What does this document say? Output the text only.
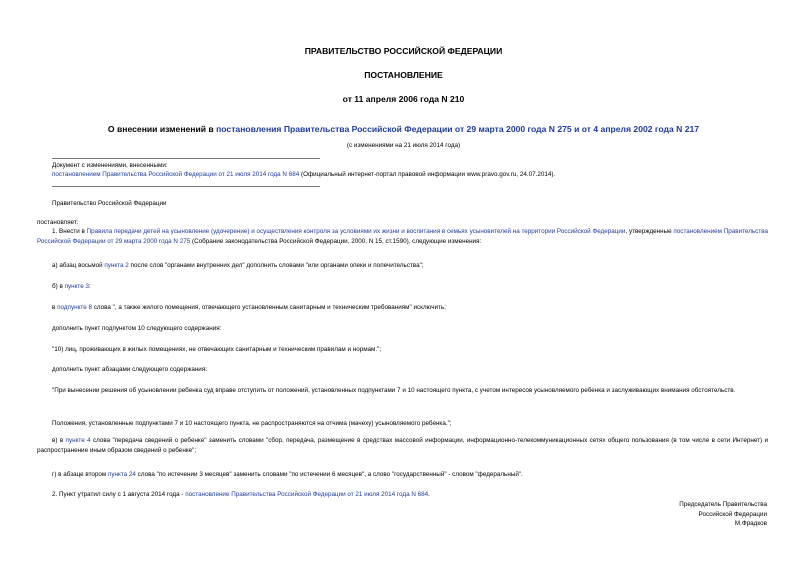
ПРАВИТЕЛЬСТВО РОССИЙСКОЙ ФЕДЕРАЦИИ
ПОСТАНОВЛЕНИЕ
от 11 апреля 2006 года N 210
О внесении изменений в постановления Правительства Российской Федерации от 29 марта 2000 года N 275 и от 4 апреля 2002 года N 217
(с изменениями на 21 июля 2014 года)
Документ с изменениями, внесенными:
постановлением Правительства Российской Федерации от 21 июля 2014 года N 684 (Официальный интернет-портал правовой информации www.pravo.gov.ru, 24.07.2014).
Правительство Российской Федерации
постановляет:
1. Внести в Правила передачи детей на усыновление (удочерение) и осуществления контроля за условиями их жизни и воспитания в семьях усыновителей на территории Российской Федерации, утвержденные постановлением Правительства Российской Федерации от 29 марта 2000 года N 275 (Собрание законодательства Российской Федерации, 2000, N 15, ст.1590), следующие изменения:
а) абзац восьмой пункта 2 после слов "органами внутренних дел" дополнить словами "или органами опеки и попечительства";
б) в пункте 3:
в подпункте 8 слова ", а также жилого помещения, отвечающего установленным санитарным и техническим требованиям" исключить;
дополнить пункт подпунктом 10 следующего содержания:
"10) лиц, проживающих в жилых помещениях, не отвечающих санитарным и техническим правилам и нормам.";
дополнить пункт абзацами следующего содержания:
"При вынесении решения об усыновлении ребенка суд вправе отступить от положений, установленных подпунктами 7 и 10 настоящего пункта, с учетом интересов усыновляемого ребенка и заслуживающих внимания обстоятельств.
Положения, установленные подпунктами 7 и 10 настоящего пункта, не распространяются на отчима (мачеху) усыновляемого ребенка.";
в) в пункте 4 слова "передача сведений о ребенке" заменить словами "сбор, передача, размещение в средствах массовой информации, информационно-телекоммуникационных сетях общего пользования (в том числе в сети Интернет) и распространение иным образом сведений о ребенке";
г) в абзаце втором пункта 24 слова "по истечении 3 месяцев" заменить словами "по истечении 6 месяцев", а слово "государственный" - словом "федеральный".
2. Пункт утратил силу с 1 августа 2014 года - постановление Правительства Российской Федерации от 21 июля 2014 года N 684.
Председатель Правительства
Российской Федерации
М.Фрадков
